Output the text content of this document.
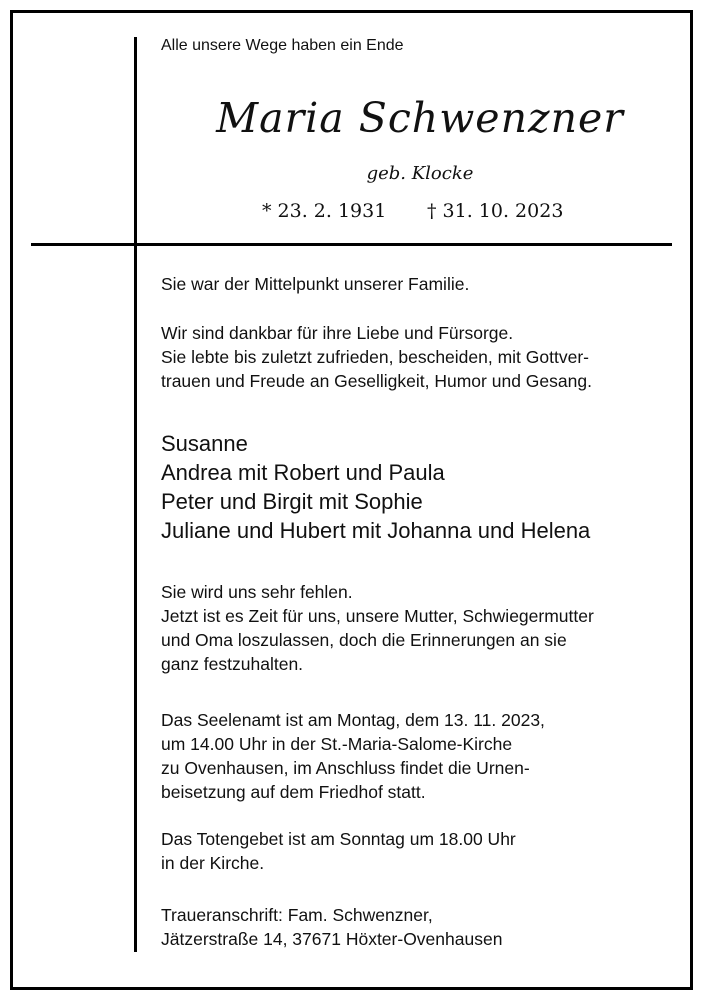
Alle unsere Wege haben ein Ende
Maria Schwenzner
geb. Klocke
* 23. 2. 1931 † 31. 10. 2023
Sie war der Mittelpunkt unserer Familie.
Wir sind dankbar für ihre Liebe und Fürsorge.
Sie lebte bis zuletzt zufrieden, bescheiden, mit Gottver-
trauen und Freude an Geselligkeit, Humor und Gesang.
Susanne
Andrea mit Robert und Paula
Peter und Birgit mit Sophie
Juliane und Hubert mit Johanna und Helena
Sie wird uns sehr fehlen.
Jetzt ist es Zeit für uns, unsere Mutter, Schwiegermutter
und Oma loszulassen, doch die Erinnerungen an sie
ganz festzuhalten.
Das Seelenamt ist am Montag, dem 13. 11. 2023,
um 14.00 Uhr in der St.-Maria-Salome-Kirche
zu Ovenhausen, im Anschluss findet die Urnen-
beisetzung auf dem Friedhof statt.
Das Totengebet ist am Sonntag um 18.00 Uhr
in der Kirche.
Traueranschrift: Fam. Schwenzner,
Jätzerstraße 14, 37671 Höxter-Ovenhausen
